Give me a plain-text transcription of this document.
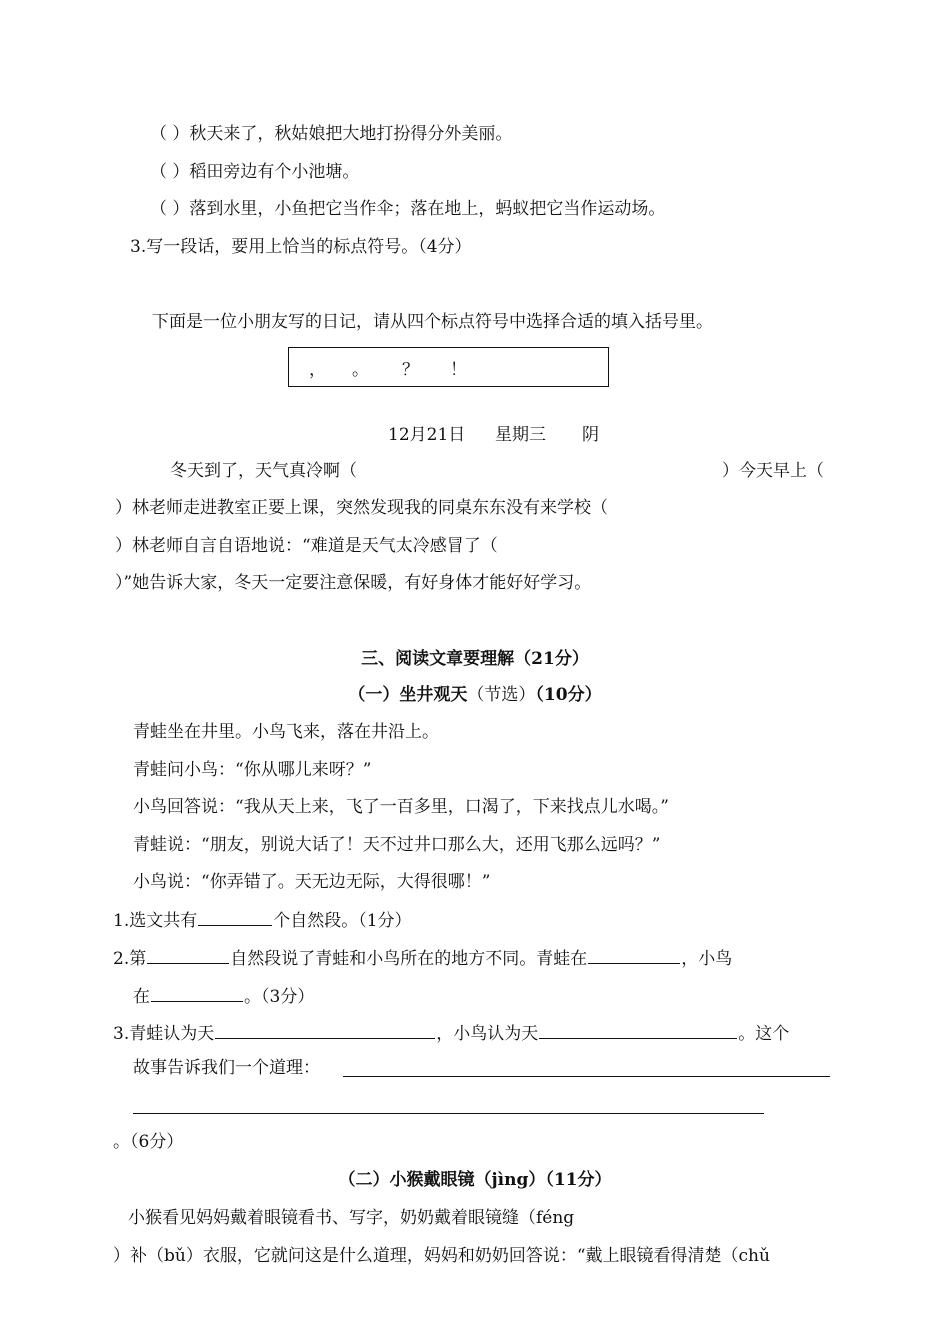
（ ）秋天来了，秋姑娘把大地打扮得分外美丽。
（ ）稻田旁边有个小池塘。
（ ）落到水里，小鱼把它当作伞；落在地上，蚂蚁把它当作运动场。
3.写一段话，要用上恰当的标点符号。（4分）
下面是一位小朋友写的日记，请从四个标点符号中选择合适的填入括号里。
， 。 ？ ！
12月21日 星期三 阴
冬天到了，天气真冷啊（	）今天早上（
）林老师走进教室正要上课，突然发现我的同桌东东没有来学校（
）林老师自言自语地说：“难道是天气太冷感冒了（
）”她告诉大家，冬天一定要注意保暖，有好身体才能好好学习。
三、阅读文章要理解（21分）
（一）坐井观天（节选）（10分）
青蛙坐在井里。小鸟飞来，落在井沿上。
青蛙问小鸟：“你从哪儿来呀？”
小鸟回答说：“我从天上来，飞了一百多里，口渴了，下来找点儿水喝。”
青蛙说：“朋友，别说大话了！天不过井口那么大，还用飞那么远吗？”
小鸟说：“你弄错了。天无边无际，大得很哪！”
1.选文共有	个自然段。（1分）
2.第	自然段说了青蛙和小鸟所在的地方不同。青蛙在	，小鸟
在	。（3分）
3.青蛙认为天	，小鸟认为天	。这个
故事告诉我们一个道理：
。（6分）
（二）小猴戴眼镜（jìng）（11分）
小猴看见妈妈戴着眼镜看书、写字，奶奶戴着眼镜缝（féng
）补（bǔ）衣服，它就问这是什么道理，妈妈和奶奶回答说：“戴上眼镜看得清楚（chǔ
